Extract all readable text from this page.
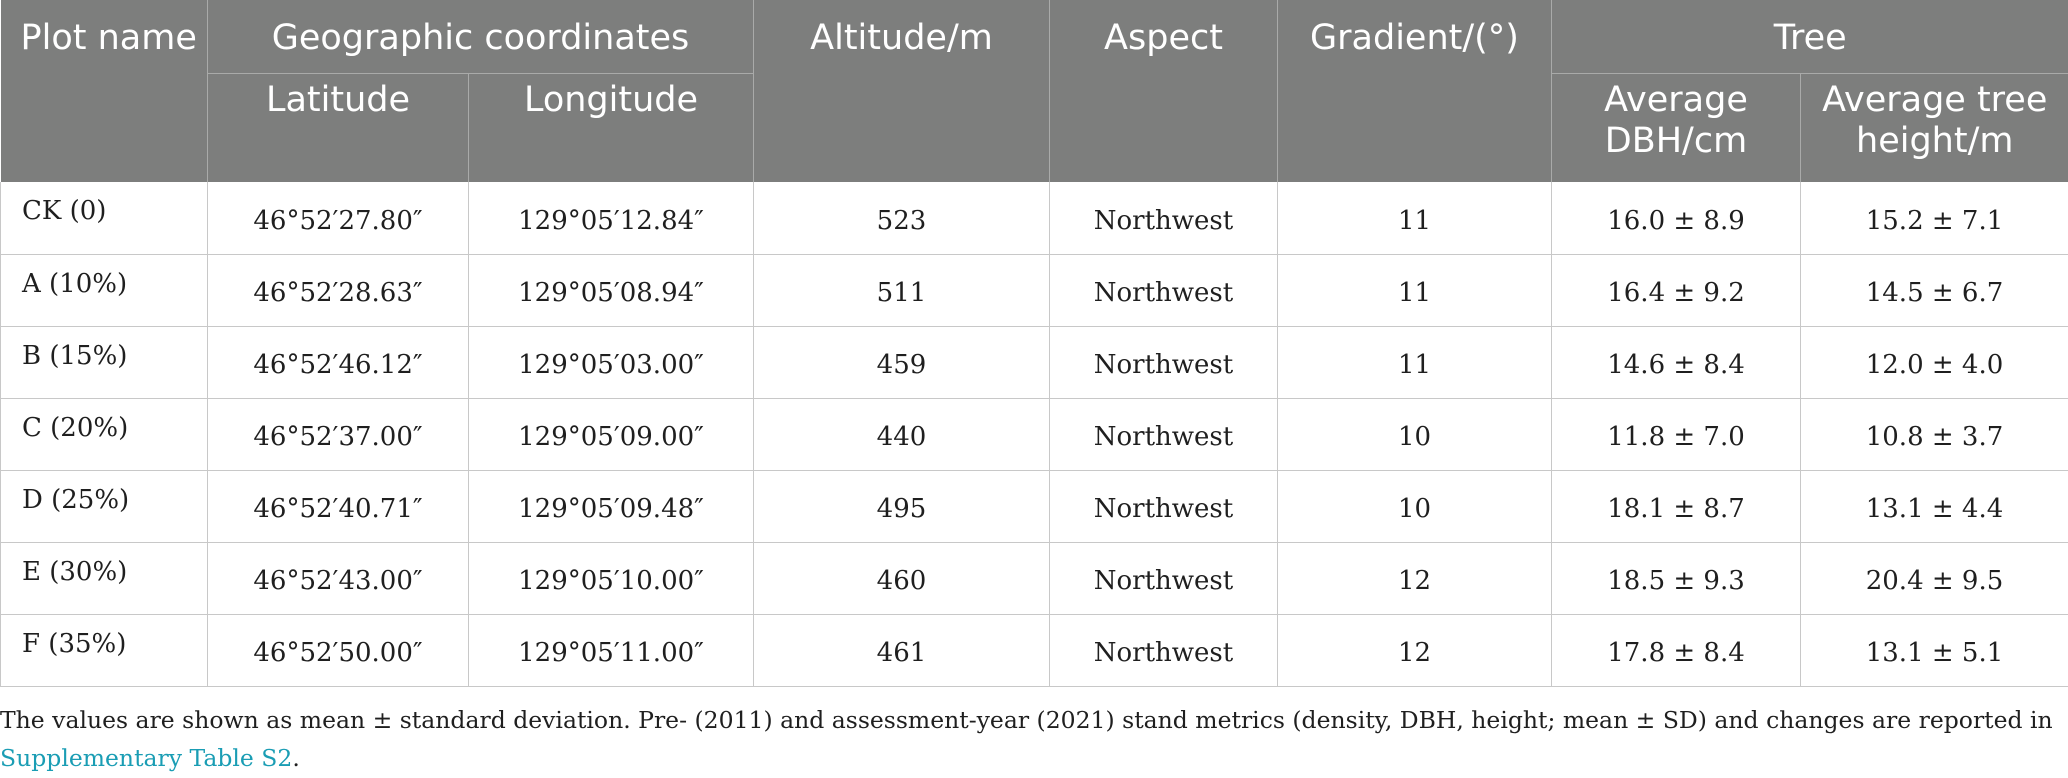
Plot name	Geographic coordinates		Altitude/m	Aspect	Gradient/(°)	Tree	
	Latitude	Longitude				Average DBH/cm	Average tree height/m
CK (0)	46°52′27.80″	129°05′12.84″	523	Northwest	11	16.0 ± 8.9	15.2 ± 7.1
A (10%)	46°52′28.63″	129°05′08.94″	511	Northwest	11	16.4 ± 9.2	14.5 ± 6.7
B (15%)	46°52′46.12″	129°05′03.00″	459	Northwest	11	14.6 ± 8.4	12.0 ± 4.0
C (20%)	46°52′37.00″	129°05′09.00″	440	Northwest	10	11.8 ± 7.0	10.8 ± 3.7
D (25%)	46°52′40.71″	129°05′09.48″	495	Northwest	10	18.1 ± 8.7	13.1 ± 4.4
E (30%)	46°52′43.00″	129°05′10.00″	460	Northwest	12	18.5 ± 9.3	20.4 ± 9.5
F (35%)	46°52′50.00″	129°05′11.00″	461	Northwest	12	17.8 ± 8.4	13.1 ± 5.1
The values are shown as mean ± standard deviation. Pre- (2011) and assessment-year (2021) stand metrics (density, DBH, height; mean ± SD) and changes are reported in
Supplementary Table S2.
